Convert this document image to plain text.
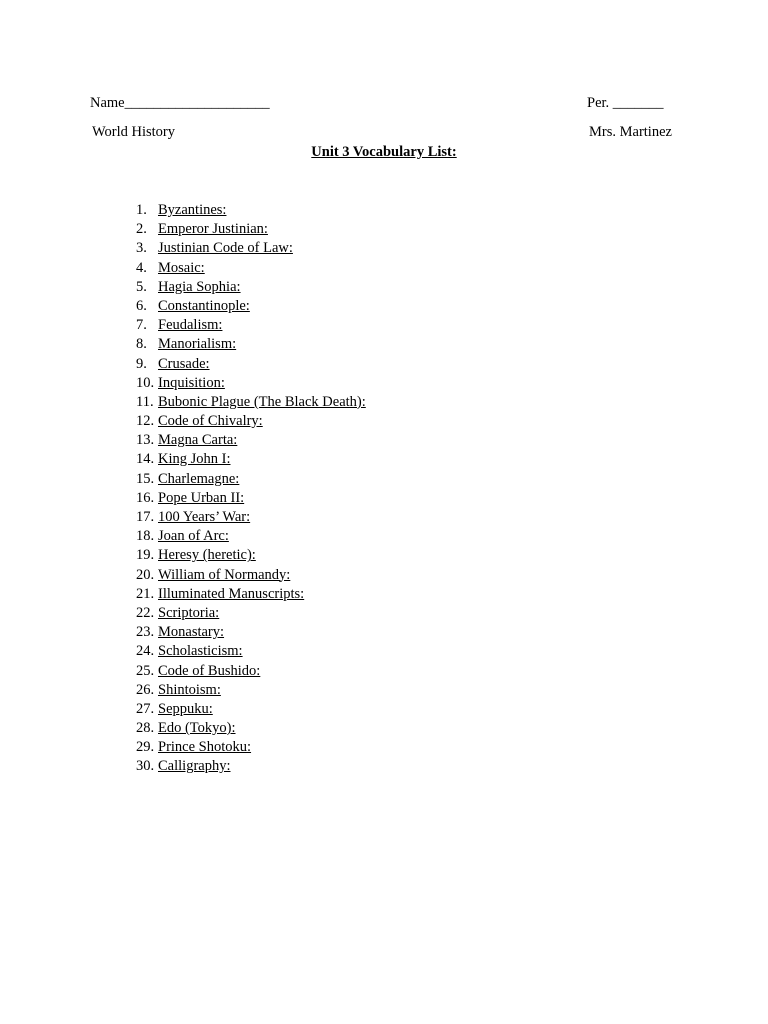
Name____________________	Per. _______
World History	Mrs. Martinez
Unit 3 Vocabulary List:
1. Byzantines:
2. Emperor Justinian:
3. Justinian Code of Law:
4. Mosaic:
5. Hagia Sophia:
6. Constantinople:
7. Feudalism:
8. Manorialism:
9. Crusade:
10. Inquisition:
11. Bubonic Plague (The Black Death):
12. Code of Chivalry:
13. Magna Carta:
14. King John I:
15. Charlemagne:
16. Pope Urban II:
17. 100 Years’ War:
18. Joan of Arc:
19. Heresy (heretic):
20. William of Normandy:
21. Illuminated Manuscripts:
22. Scriptoria:
23. Monastary:
24. Scholasticism:
25. Code of Bushido:
26. Shintoism:
27. Seppuku:
28. Edo (Tokyo):
29. Prince Shotoku:
30. Calligraphy:
